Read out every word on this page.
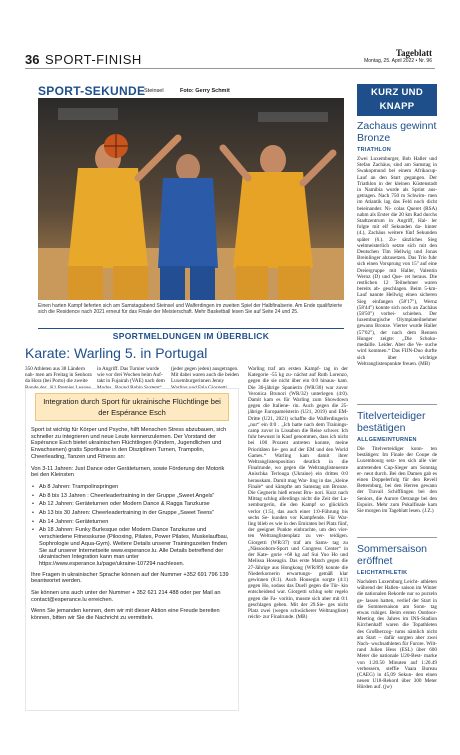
36 SPORT-FINISH	Tageblatt
Montag, 25. April 2022 • Nr. 96
SPORT-SEKUNDE
Steinsel	Foto: Gerry Schmit
Einen harten Kampf lieferten sich am Samstagabend Steinsel und Walferdingen im zweiten Spiel der Halbfinalserie. Am Ende qualifizierte sich die Residence nach 2021 erneut für das Finale der Meisterschaft. Mehr Basketball lesen Sie auf Seite 24 und 25.
SPORTMELDUNGEN IM ÜBERBLICK
Karate: Warling 5. in Portugal
350 Athleten aus 38 Ländern nah- men am Freitag in Senhora da Hora (bei Porto) die zweite
in Angriff. Das Turnier wurde wie vor drei Wochen beim Auf- takt in Fujairah (VAE) nach dem
(jeder gegen jeden) ausgetragen. Mit dabei waren auch die beiden Luxemburgerinnen Jenny
Warling traf am ersten Kampf- tag in der Kategorie -55 kg zu- nächst auf Ruth Lorenzo, gegen die sie nicht über ein 0:0 hinaus- kam. Die 30-jährige Spanierin (WR/30) war zuvor Veronica Brunori (WR/32) unterlegen (4:0). Damit kam es für Warling zum Showdown gegen die Italiene- rin. Auch gegen die 25-jährige Europameisterin (U21, 2019) und EM-Dritte (U21, 2021) schaffte die Walferdingerin „nur“ ein 0:0 . „Ich hatte nach dem Trainings- camp zuvor in Lissabon die Reise schwer. Ich fuhr bewusst in Kauf genommen, dass ich nicht bei 100 Prozent antreten konnte, meine Prioritäten lie- gen auf der EM und den World Games.“ Warling kam damit ihrer Weltranglistenposition deutlich in die Finalrunde, wo gegen die Weltranglistenerste Anischka Terlouga (Ukraine) ein drittes 0:0 herauskam. Damit mag War- ling in das „kleine Finale“ und kämpfte am Samstag um Bronze. Die Gegnerin hieß erneut Bru- nori. Kurz nach Mittag schlug allerdings nicht die Zeit der Lu- xemburgerin, die den Kampf so glücklich verlor (1:5), das auch einer 1:0-Führung bis sechs Se- kunden vor Kampfende. Für War- ling blieb es wie in den Emiraten bei Platz fünf, der geeignet Punkte einbrachte, um den vier- ten Weltranglistenplatz zu ver- teidigen. Giorgetti (WR/37) traf am Sams- tag zu „Nässooborn-Sport und Congress Center“ in der Kate- gorie +68 kg auf Sui Yuo Ho und Melissa Hoseagin. Das erste Match gegen die 27-Jährige aus Hongkong (WR/89) konnte die Niederkornerin erwartungs- gemäß klar gewinnen (8:1). Auch Housegin sorgte (4:1) gegen Ho, sodass das Duell gegen die Tür- kin entscheidend war. Giorgetti schlug sehr regelo gegen die Fa- voritin, musste sich aber mit 0:1 geschlagen geben. Mit der 29.Sie- ges nicht Platz zwei (wegen schwächerer Weltrangliste) reicht- zur Finalrunde. (MB)
Integration durch Sport für ukrainische Flüchtlinge bei der Espérance Esch

Sport ist wichtig für Körper und Psyche, hilft Menschen Stress abzubauen, sich schneller zu integrieren und neue Leute kennenzulernen. Der Vorstand der Espérance Esch bietet ukrainischen Flüchtlingen (Kindern, Jugendlichen und Erwachsenen) gratis Sportkurse in den Disziplinen Turnen, Trampolin, Cheerleading, Tanzen und Fitness an:

Von 3-11 Jahren: Just Dance oder Geräteturnen, sowie Förderung der Motorik bei den Kleinsten

• Ab 8 Jahren: Trampolinspringen
• Ab 8 bis 13 Jahren : Cheerleadertraining in der Gruppe „Sweet Angels“
• Ab 12 Jahren: Geräteturnen oder Modern Dance & Ragga Tanzkurse
• Ab 13 bis 30 Jahren: Cheerleadertraining in der Gruppe „Sweet Teens“
• Ab 14 Jahren: Geräteturnen
• Ab 18 Jahren: Funky Burlesque oder Modern Dance Tanzkurse und verschiedene Fitnesskurse (Pilooxing, Pilates, Power Pilates, Muskelaufbau, Sophrologie und Aqua-Gym). Weitere Details unserer Trainingszeiten finden Sie auf unserer Internetseite www.esperance.lu. Alle Details betreffend der ukrainischen Integration kann man unter https://www.esperance.lu/page/ukraine-107294 nachlesen.

Ihre Fragen in ukrainischer Sprache können auf der Nummer +352 691 796 139 beantwortet werden.

Sie können uns auch unter der Nummer + 352 621 214 488 oder per Mail an contact@esperance.lu erreichen.

Wenn Sie jemanden kennen, dem wir mit dieser Aktion eine Freude bereiten können, bitten wir Sie die Nachricht zu vermitteln.

KURZ UND KNAPP
Zachaus gewinnt Bronze
TRIATHLON
Zwei Luxemburger, Bob Haller und Stefan Zachäus, sind am Samstag in Swakopmund bei einem Afrikacup-Lauf an den Start gegangen. Der Triathlon in der kleinen Küstenstadt in Namibia wurde als Sprint aus- getragen. Nach 750 m Schwim- men im Atlantik lag das Feld noch dicht beieinander. Ni- colas Queret (RSA) nahm als Erster die 20 km Rad durchs Stadtzentrum in Angriff, Hal- ler folgte mit elf Sekunden da- hinter (4.), Zachäus weitere fünf Sekunden später (6.). Zu- sätzliches Sieg weltmeisterlich setzte sich mit den Deutschen Tim Hellwig und Jonas Breinlinger abzusetzen. Das Trio fuhr sich einen Vorsprung von 15" auf eine Dreiergruppe mit Haller, Valentin Wernz (D) und Que- ret heraus. Die restlichen 12 Teilnehmer waren bereits ab- geschlagen. Beim 5-km-Lauf nannte Hellwig einen sicheren Sieg einfangen (58'17"), Wernz (58'44") konnte sich noch an Zachäus (58'50") vorbei- schieben. Der luxemburgische Olympiateilnehmer gewann Bronze. Vierter wurde Haller (57'02"), der nach dem Rennen Hunger zeigte: „Die Schoko- medaille. Leider. Aber die Ve- suche wird kommen.“ Das FIJN-Duo durfte sich über wichtige Weltranglistenpunkte freuen. (MB)
Titelverteidiger bestätigen
ALLGEMEINTURNEN
Die Titelverteidiger konn- ten bestätigen: Im Finale der Coupe de Luxembourg setz- ten sich alle vier antretenden Cup-Sieger am Sonntag er- neut durch. Bei den Damen gab es einen Doppelerfolg für den Revell Bettemburg, bei den Herren gewann der Travail Schifflingen bei den Seniors, die Aurore Oetrange bei den Espoirs. Mehr zum Pokalfinale kam Sie morgen im Tageblatt lesen. (J.Z.)
Sommersaison eröffnet
LEICHTATHLETIK
Nachdem Luxemburg Leicht- athleten während der Hallen- saison im Winter die nationalen Rekorde nur so purzeln ge- lassen hatten, verlief der Start in die Sommersaison am Sonn- tag etwas ruhiger. Beim ersten Outdoor-Meeting des Jahres im INS-Stadion Kirchenhaff waren die Topathleten des Großherzog- tums nämlich nicht am Start – dafür sorgten aber zwei Nach- wuchsathleten für Furore. Wilt- rand Julien Hess (ESL) über 600 Meter die nationale U20-Best- marke von 1:20.50 Minuten auf 1:20.49 verbessern, steffie Vaara Bureau (CAEG) in 45,09 Sekun- den einen neuen U18-Rekord über 300 Meter Hürden auf. (jw)
